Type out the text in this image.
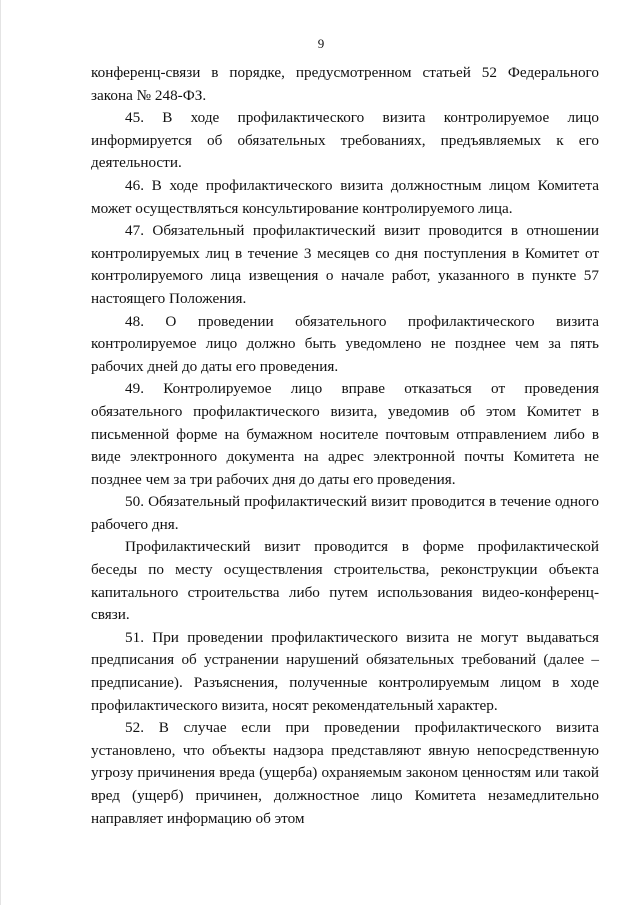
9

конференц-связи в порядке, предусмотренном статьей 52 Федерального закона № 248-ФЗ.

45. В ходе профилактического визита контролируемое лицо информируется об обязательных требованиях, предъявляемых к его деятельности.

46. В ходе профилактического визита должностным лицом Комитета может осуществляться консультирование контролируемого лица.

47. Обязательный профилактический визит проводится в отношении контролируемых лиц в течение 3 месяцев со дня поступления в Комитет от контролируемого лица извещения о начале работ, указанного в пункте 57 настоящего Положения.

48. О проведении обязательного профилактического визита контролируемое лицо должно быть уведомлено не позднее чем за пять рабочих дней до даты его проведения.

49. Контролируемое лицо вправе отказаться от проведения обязательного профилактического визита, уведомив об этом Комитет в письменной форме на бумажном носителе почтовым отправлением либо в виде электронного документа на адрес электронной почты Комитета не позднее чем за три рабочих дня до даты его проведения.

50. Обязательный профилактический визит проводится в течение одного рабочего дня.

Профилактический визит проводится в форме профилактической беседы по месту осуществления строительства, реконструкции объекта капитального строительства либо путем использования видео-конференц-связи.

51. При проведении профилактического визита не могут выдаваться предписания об устранении нарушений обязательных требований (далее – предписание). Разъяснения, полученные контролируемым лицом в ходе профилактического визита, носят рекомендательный характер.

52. В случае если при проведении профилактического визита установлено, что объекты надзора представляют явную непосредственную угрозу причинения вреда (ущерба) охраняемым законом ценностям или такой вред (ущерб) причинен, должностное лицо Комитета незамедлительно направляет информацию об этом
